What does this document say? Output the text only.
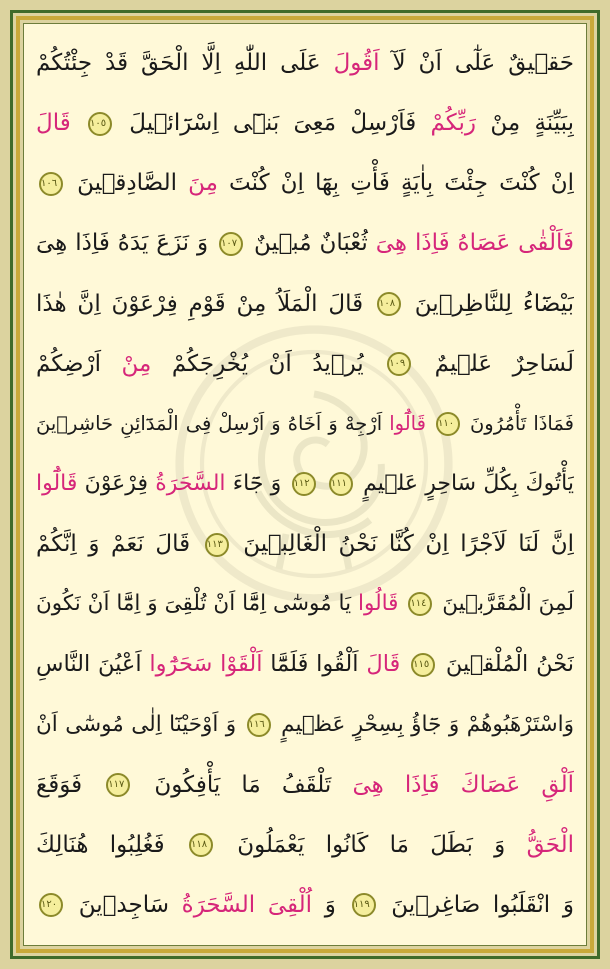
حَقٖيقٌ عَلٰٓى اَنْ لَآ اَقُولَ عَلَى اللّٰهِ اِلَّا الْحَقَّ قَدْ جِئْتُكُمْ
بِبَيِّنَةٍ مِنْ رَبِّكُمْ فَاَرْسِلْ مَعِىَ بَنٖٓى اِسْرَٓائٖيلَ ١٠٥ قَالَ
اِنْ كُنْتَ جِئْتَ بِاٰيَةٍ فَأْتِ بِهَٓا اِنْ كُنْتَ مِنَ الصَّادِقٖينَ ١٠٦
فَاَلْقٰى عَصَاهُ فَاِذَا هِىَ ثُعْبَانٌ مُبٖينٌ ١٠٧ وَ نَزَعَ يَدَهُ فَاِذَا هِىَ
بَيْضَٓاءُ لِلنَّاظِرٖينَ ١٠٨ قَالَ الْمَلَاُ مِنْ قَوْمِ فِرْعَوْنَ اِنَّ هٰذَا
لَسَاحِرٌ عَلٖيمٌ ١٠٩ يُرٖيدُ اَنْ يُخْرِجَكُمْ مِنْ اَرْضِكُمْ
فَمَاذَا تَأْمُرُونَ ١١٠ قَالُٓوا اَرْجِهْ وَ اَخَاهُ وَ اَرْسِلْ فِى الْمَدَٓائِنِ حَاشِرٖينَ
يَأْتُوكَ بِكُلِّ سَاحِرٍ عَلٖيمٍ ١١١ ١١٢ وَ جَٓاءَ السَّحَرَةُ فِرْعَوْنَ قَالُٓوا
اِنَّ لَنَا لَاَجْرًا اِنْ كُنَّا نَحْنُ الْغَالِبٖينَ ١١٣ قَالَ نَعَمْ وَ اِنَّكُمْ
لَمِنَ الْمُقَرَّبٖينَ ١١٤ قَالُوا يَا مُوسٰٓى اِمَّٓا اَنْ تُلْقِىَ وَ اِمَّٓا اَنْ نَكُونَ
نَحْنُ الْمُلْقٖينَ ١١٥ قَالَ اَلْقُوا فَلَمَّٓا اَلْقَوْا سَحَرُٓوا اَعْيُنَ النَّاسِ
وَاسْتَرْهَبُوهُمْ وَ جَٓاؤُ بِسِحْرٍ عَظٖيمٍ ١١٦ وَ اَوْحَيْنَٓا اِلٰى مُوسٰٓى اَنْ
اَلْقِ عَصَاكَ فَاِذَا هِىَ تَلْقَفُ مَا يَأْفِكُونَ ١١٧ فَوَقَعَ
الْحَقُّ وَ بَطَلَ مَا كَانُوا يَعْمَلُونَ ١١٨ فَغُلِبُوا هُنَالِكَ
وَ انْقَلَبُوا صَاغِرٖينَ ١١٩ وَ اُلْقِىَ السَّحَرَةُ سَاجِدٖينَ ١٢٠
